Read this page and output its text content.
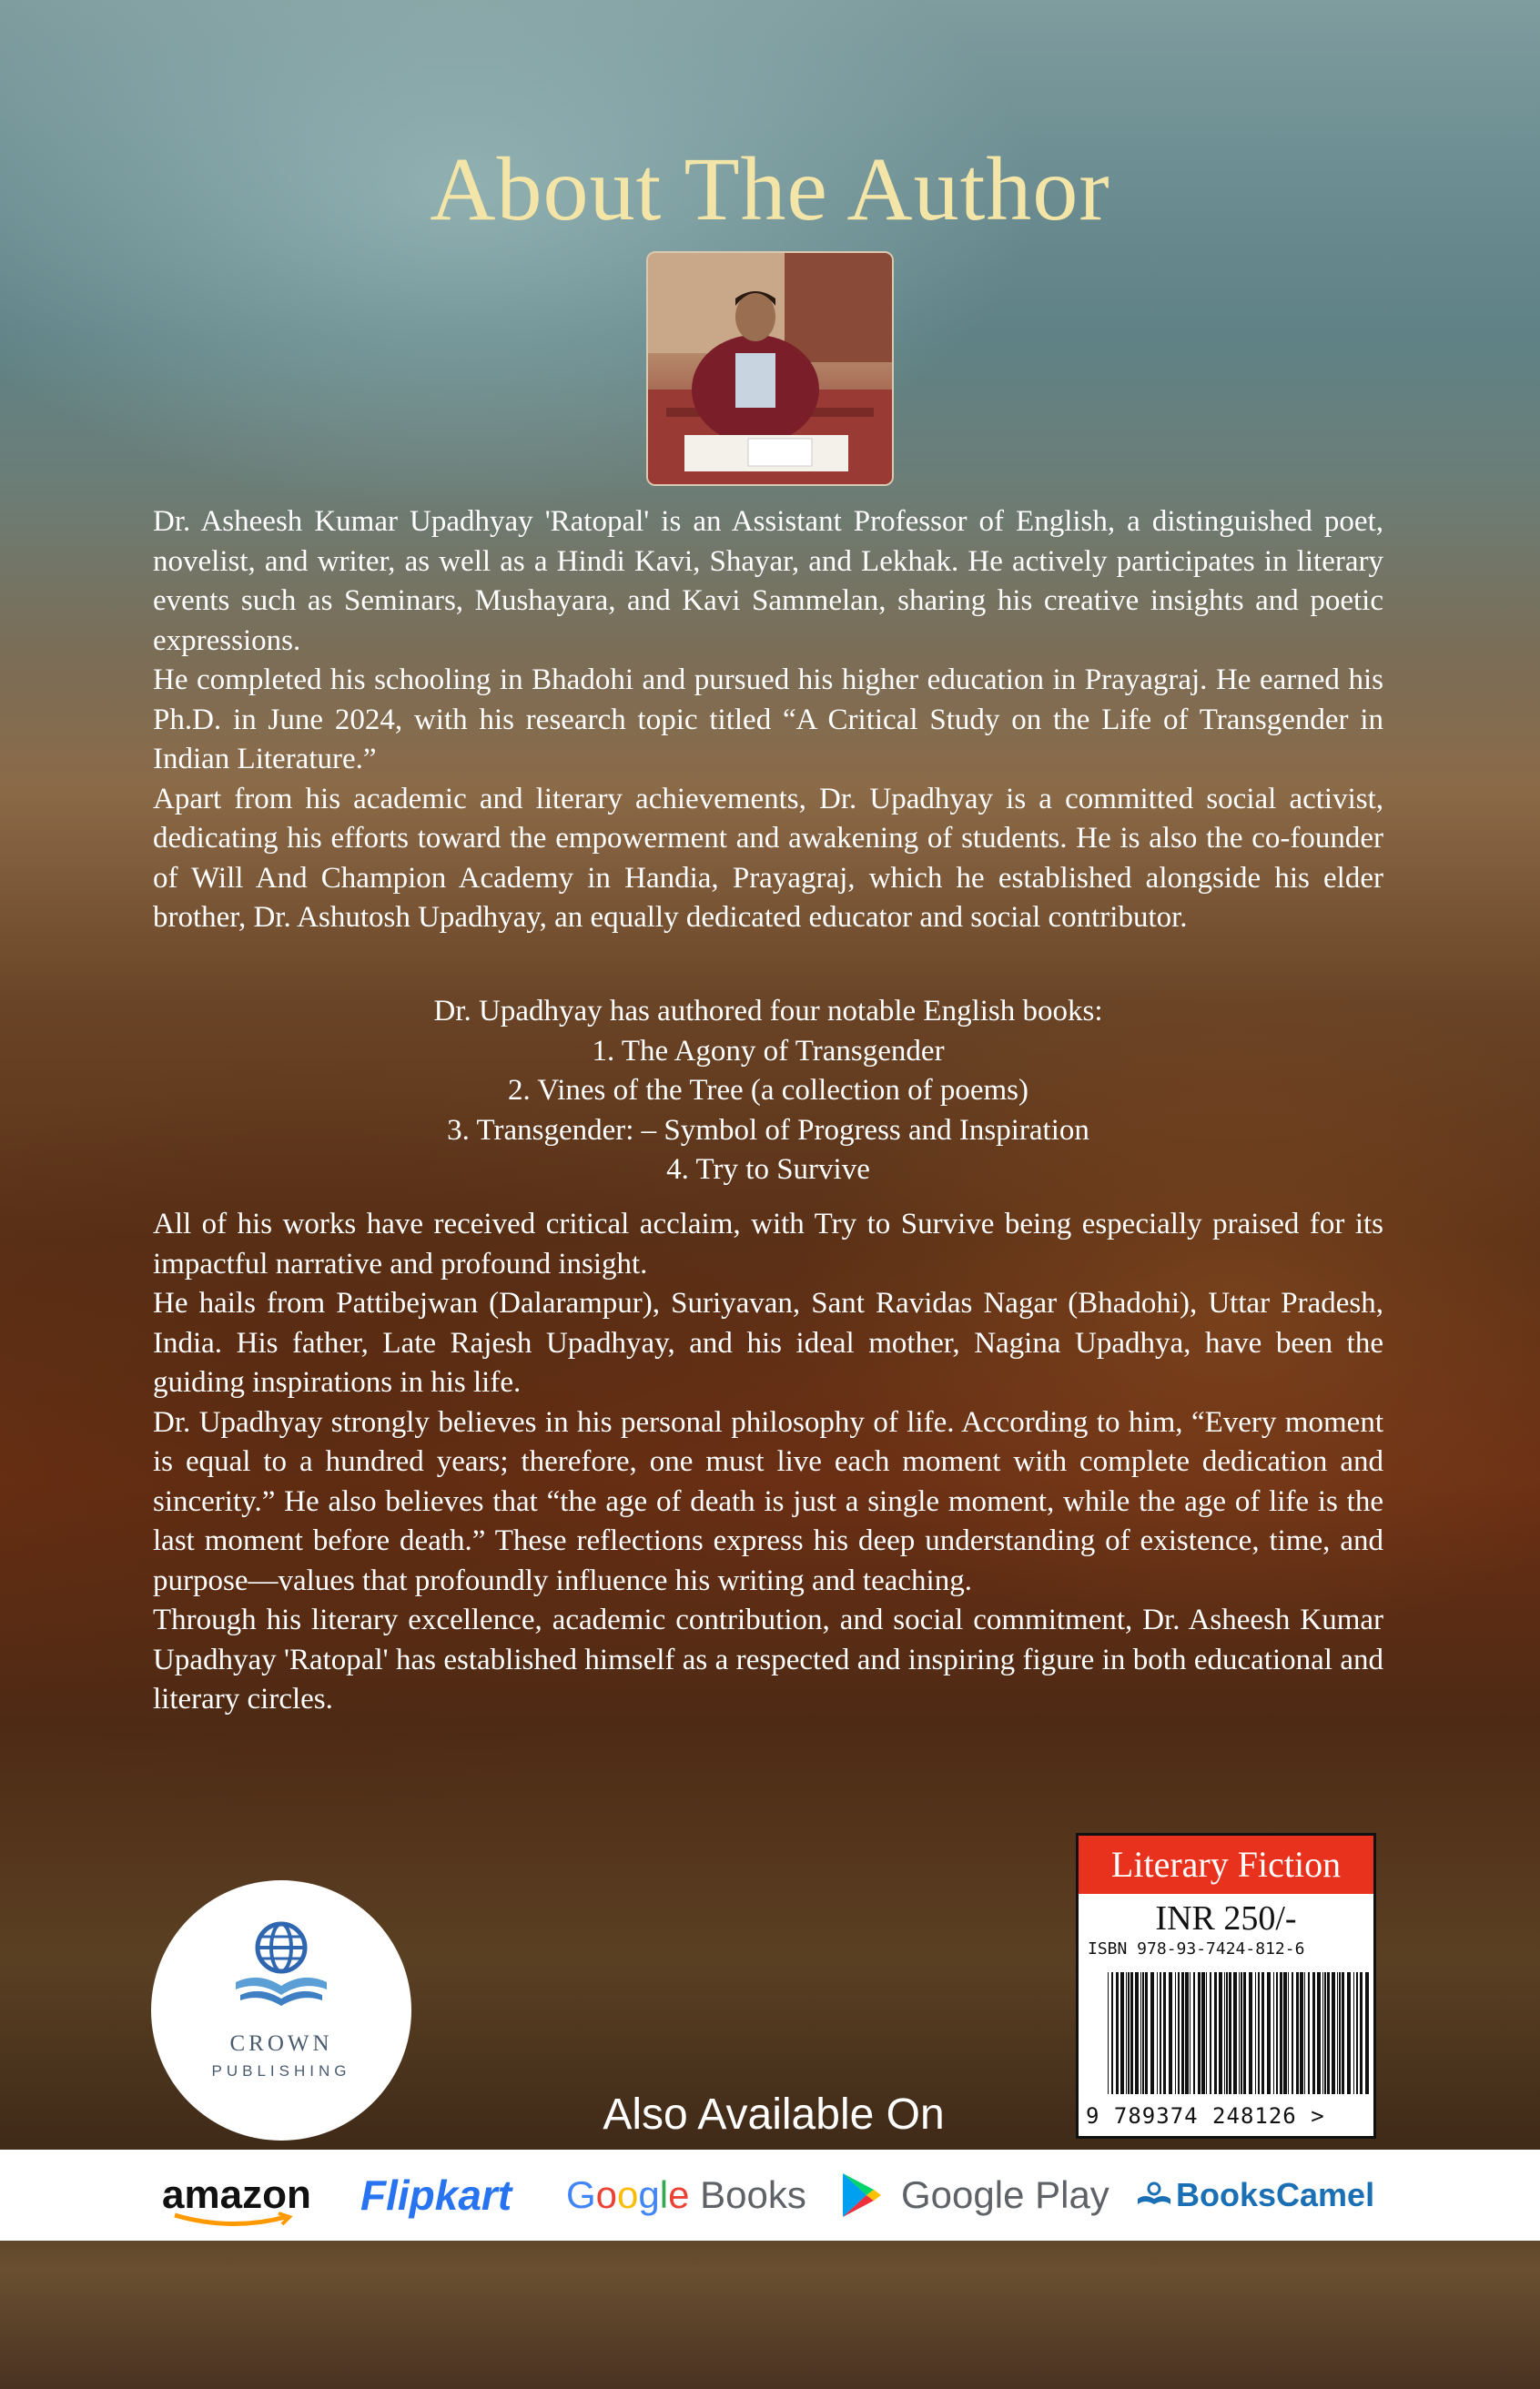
About The Author

Dr. Asheesh Kumar Upadhyay 'Ratopal' is an Assistant Professor of English, a distinguished poet, novelist, and writer, as well as a Hindi Kavi, Shayar, and Lekhak. He actively participates in literary events such as Seminars, Mushayara, and Kavi Sammelan, sharing his creative insights and poetic expressions.

He completed his schooling in Bhadohi and pursued his higher education in Prayagraj. He earned his Ph.D. in June 2024, with his research topic titled “A Critical Study on the Life of Transgender in Indian Literature.”

Apart from his academic and literary achievements, Dr. Upadhyay is a committed social activist, dedicating his efforts toward the empowerment and awakening of students. He is also the co-founder of Will And Champion Academy in Handia, Prayagraj, which he established alongside his elder brother, Dr. Ashutosh Upadhyay, an equally dedicated educator and social contributor.

Dr. Upadhyay has authored four notable English books:
1. The Agony of Transgender
2. Vines of the Tree (a collection of poems)
3. Transgender: – Symbol of Progress and Inspiration
4. Try to Survive

All of his works have received critical acclaim, with Try to Survive being especially praised for its impactful narrative and profound insight.

He hails from Pattibejwan (Dalarampur), Suriyavan, Sant Ravidas Nagar (Bhadohi), Uttar Pradesh, India. His father, Late Rajesh Upadhyay, and his ideal mother, Nagina Upadhya, have been the guiding inspirations in his life.

Dr. Upadhyay strongly believes in his personal philosophy of life. According to him, “Every moment is equal to a hundred years; therefore, one must live each moment with complete dedication and sincerity.” He also believes that “the age of death is just a single moment, while the age of life is the last moment before death.” These reflections express his deep understanding of existence, time, and purpose—values that profoundly influence his writing and teaching.

Through his literary excellence, academic contribution, and social commitment, Dr. Asheesh Kumar Upadhyay 'Ratopal' has established himself as a respected and inspiring figure in both educational and literary circles.

Literary Fiction
INR 250/-
ISBN 978-93-7424-812-6
9 789374 248126 >
CROWN
PUBLISHING
Also Available On
amazon Flipkart Google Books Google Play BooksCamel
